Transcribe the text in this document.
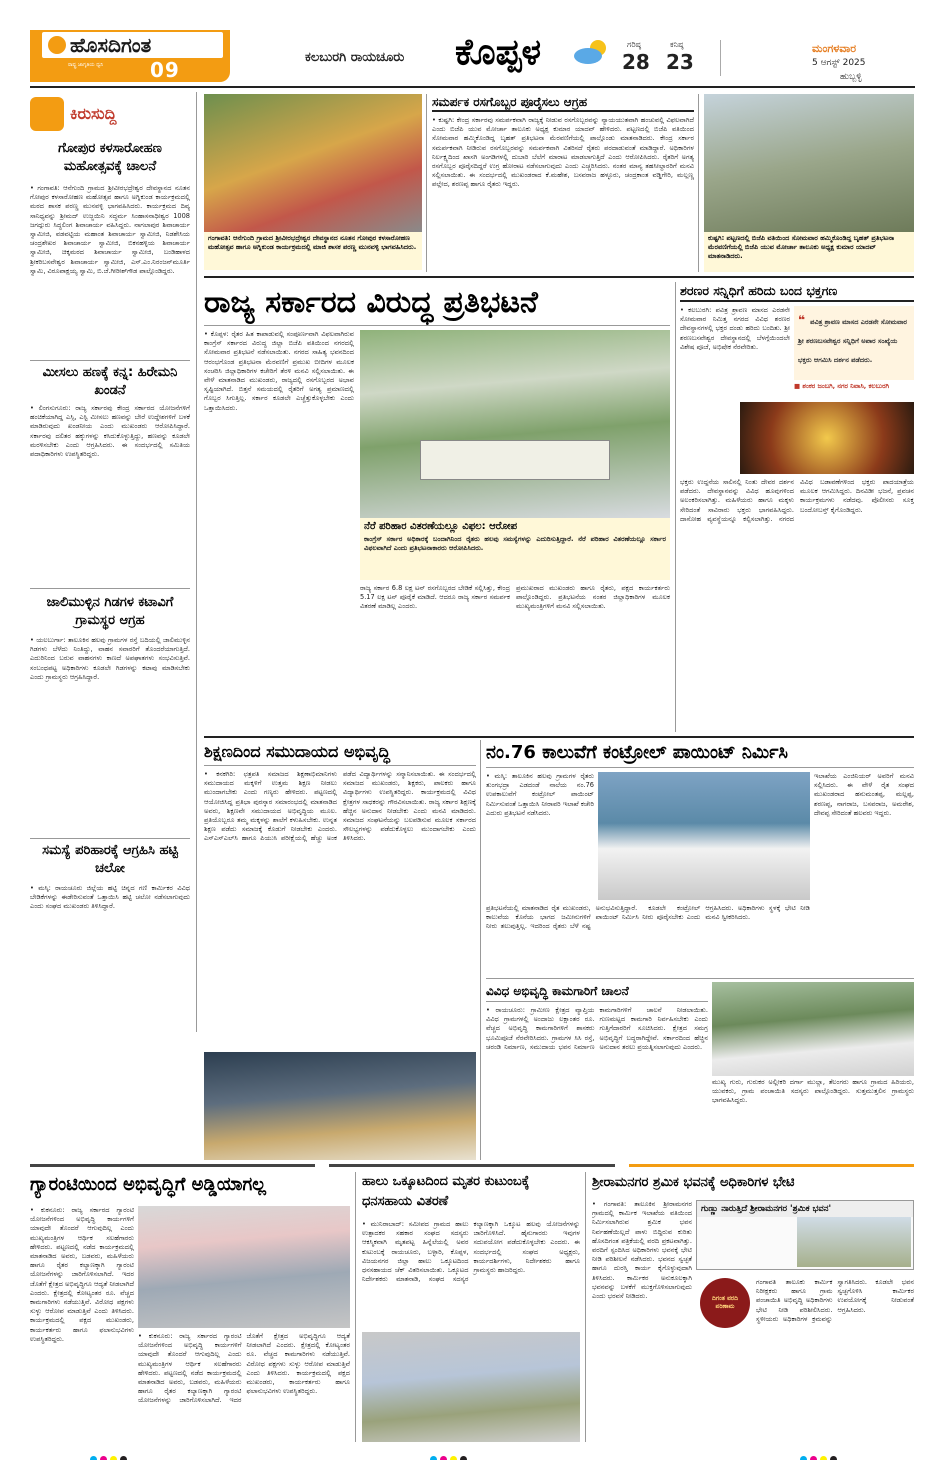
ಹೊಸದಿಗಂತ
ರಾಷ್ಟ್ರ ಜಾಗೃತಿಯ ಧ್ವನಿ 09
ಕಲಬುರಗಿ ರಾಯಚೂರು ಕೊಪ್ಪಳ	ಗರಿಷ್ಠ
28
ಕನಿಷ್ಠ
23
ಮಂಗಳವಾರ
5 ಆಗಸ್ಟ್ 2025
ಹುಬ್ಬಳ್ಳಿ
ಕಿರುಸುದ್ದಿ
ಗೋಪುರ ಕಳಸಾರೋಹಣ ಮಹೋತ್ಸವಕ್ಕೆ ಚಾಲನೆ
• ಗಂಗಾವತಿ: ಆನೆಗುಂದಿ ಗ್ರಾಮದ ಶ್ರೀವೀರಭದ್ರೇಶ್ವರ ದೇವಸ್ಥಾನದ ನೂತನ ಗೋಪುರ ಕಳಸಾರೋಹಣ ಮಹೋತ್ಸವ ಹಾಗೂ ಅಗ್ನಿಕುಂಡ ಕಾರ್ಯಕ್ರಮದಲ್ಲಿ ಮಠದ ಶಾಸಕ ಪರಣ್ಣ ಮುನವಳ್ಳಿ ಭಾಗವಹಿಸಿದರು. ಕಾರ್ಯಕ್ರಮದ ದಿವ್ಯ ಸಾನಿಧ್ಯವನ್ನು ಶ್ರೀಮದ್ ಉಜ್ಜಯಿನಿ ಸದ್ಧರ್ಮ ಸಿಂಹಾಸನಾಧೀಶ್ವರ 1008 ಜಗದ್ಗುರು ಸಿದ್ಧಲಿಂಗ ಶಿವಾಚಾರ್ಯ ವಹಿಸಿದ್ದರು. ನಾಗಲಾಪುರ ಶಿವಾಚಾರ್ಯ ಸ್ವಾಮೀಜಿ, ವಡವಟ್ಟಿಯ ಮಹಾಂತ ಶಿವಾಚಾರ್ಯ ಸ್ವಾಮೀಜಿ, ನಿಡಶೇಸಿಯ ಚಂದ್ರಶೇಖರ ಶಿವಾಚಾರ್ಯ ಸ್ವಾಮೀಜಿ, ಬಿಕನಹಳ್ಳಿಯ ಶಿವಾಚಾರ್ಯ ಸ್ವಾಮೀಜಿ, ಚಿಕ್ಕಮಠದ ಶಿವಾಚಾರ್ಯ ಸ್ವಾಮೀಜಿ, ಬಂಡಿಹಾಳದ ಶ್ರೀಕರಿಬಸವೇಶ್ವರ ಶಿವಾಚಾರ್ಯ ಸ್ವಾಮೀಜಿ, ಎಸ್.ಎಂ.ನಿರಂಜನ್‌ಮೂರ್ತಿ ಸ್ವಾಮಿ, ವಿರೂಪಾಕ್ಷಯ್ಯ ಸ್ವಾಮಿ, ಬಿ.ಜೆ.ಗೀರೀಶ್‌ಗೌಡ ಪಾಲ್ಗೊಂಡಿದ್ದರು.
ಮೀಸಲು ಹಣಕ್ಕೆ ಕನ್ನ: ಹಿರೇಮನಿ ಖಂಡನೆ
• ಲಿಂಗಸುಗೂರು: ರಾಜ್ಯ ಸರ್ಕಾರವು ಕೇಂದ್ರ ಸರ್ಕಾರದ ಯೋಜನೆಗಳಿಗೆ ಹಂಚಿಕೆಯಾಗಿದ್ದ ಎಸ್ಸಿ, ಎಸ್ಟಿ ಮೀಸಲು ಹಣವನ್ನು ಬೇರೆ ಉದ್ದೇಶಗಳಿಗೆ ಬಳಕೆ ಮಾಡಿರುವುದು ಖಂಡನೀಯ ಎಂದು ಮುಖಂಡರು ಆರೋಪಿಸಿದ್ದಾರೆ. ಸರ್ಕಾರವು ದಲಿತರ ಹಕ್ಕುಗಳನ್ನು ಕಸಿದುಕೊಳ್ಳುತ್ತಿದ್ದು, ಹಣವನ್ನು ಕೂಡಲೇ ಮರಳಿಸಬೇಕು ಎಂದು ಆಗ್ರಹಿಸಿದರು. ಈ ಸಂದರ್ಭದಲ್ಲಿ ಸಮಿತಿಯ ಪದಾಧಿಕಾರಿಗಳು ಉಪಸ್ಥಿತರಿದ್ದರು.
ಜಾಲಿಮುಳ್ಳಿನ ಗಿಡಗಳ ಕಟಾವಿಗೆ ಗ್ರಾಮಸ್ಥರ ಆಗ್ರಹ
• ಯಲಬುರ್ಗಾ: ತಾಲೂಕಿನ ಹಲವು ಗ್ರಾಮಗಳ ರಸ್ತೆ ಬದಿಯಲ್ಲಿ ಜಾಲಿಮುಳ್ಳಿನ ಗಿಡಗಳು ಬೆಳೆದು ನಿಂತಿದ್ದು, ವಾಹನ ಸವಾರರಿಗೆ ತೊಂದರೆಯಾಗುತ್ತಿದೆ. ಎದುರಿನಿಂದ ಬರುವ ವಾಹನಗಳು ಕಾಣದೆ ಅಪಘಾತಗಳು ಸಂಭವಿಸುತ್ತಿವೆ. ಸಂಬಂಧಪಟ್ಟ ಅಧಿಕಾರಿಗಳು ಕೂಡಲೇ ಗಿಡಗಳನ್ನು ಕಟಾವು ಮಾಡಿಸಬೇಕು ಎಂದು ಗ್ರಾಮಸ್ಥರು ಆಗ್ರಹಿಸಿದ್ದಾರೆ.
ಸಮಸ್ಯೆ ಪರಿಹಾರಕ್ಕೆ ಆಗ್ರಹಿಸಿ ಹಟ್ಟಿ ಚಲೋ
• ಮಸ್ಕಿ: ರಾಯಚೂರು ಜಿಲ್ಲೆಯ ಹಟ್ಟಿ ಚಿನ್ನದ ಗಣಿ ಕಾರ್ಮಿಕರ ವಿವಿಧ ಬೇಡಿಕೆಗಳನ್ನು ಈಡೇರಿಸುವಂತೆ ಒತ್ತಾಯಿಸಿ ಹಟ್ಟಿ ಚಲೋ ನಡೆಸಲಾಗುವುದು ಎಂದು ಸಂಘದ ಮುಖಂಡರು ತಿಳಿಸಿದ್ದಾರೆ.
ಗಂಗಾವತಿ: ಆನೆಗುಂದಿ ಗ್ರಾಮದ ಶ್ರೀವೀರಭದ್ರೇಶ್ವರ ದೇವಸ್ಥಾನದ ನೂತನ ಗೋಪುರ ಕಳಸಾರೋಹಣ ಮಹೋತ್ಸವ ಹಾಗೂ ಅಗ್ನಿಕುಂಡ ಕಾರ್ಯಕ್ರಮದಲ್ಲಿ ಮಾಜಿ ಶಾಸಕ ಪರಣ್ಣ ಮುನವಳ್ಳಿ ಭಾಗವಹಿಸಿದರು.
ಸಮರ್ಪಕ ರಸಗೊಬ್ಬರ ಪೂರೈಸಲು ಆಗ್ರಹ
• ಕುಷ್ಟಗಿ: ಕೇಂದ್ರ ಸರ್ಕಾರವು ಸಮರ್ಪಕವಾಗಿ ರಾಜ್ಯಕ್ಕೆ ನೀಡುವ ರಸಗೊಬ್ಬರವನ್ನು ನ್ಯಾಯಯುತವಾಗಿ ಹಂಚುವಲ್ಲಿ ವಿಫಲವಾಗಿದೆ ಎಂದು ಬಿಜೆಪಿ ಯುವ ಮೋರ್ಚಾ ತಾಲೂಕು ಅಧ್ಯಕ್ಷ ಕುಮಾರ ಯಾದವ್ ಹೇಳಿದರು. ಪಟ್ಟಣದಲ್ಲಿ ಬಿಜೆಪಿ ವತಿಯಿಂದ ಸೋಮವಾರ ಹಮ್ಮಿಕೊಂಡಿದ್ದ ಬೃಹತ್ ಪ್ರತಿಭಟನಾ ಮೆರವಣಿಗೆಯಲ್ಲಿ ಪಾಲ್ಗೊಂಡು ಮಾತನಾಡಿದರು. ಕೇಂದ್ರ ಸರ್ಕಾರ ಸಮರ್ಪಕವಾಗಿ ನೀಡಿರುವ ರಸಗೊಬ್ಬರವನ್ನು ಸಮರ್ಪಕವಾಗಿ ವಿತರಿಸದೆ ರೈತರು ಪರದಾಡುವಂತೆ ಮಾಡಿದ್ದಾರೆ. ಅಧಿಕಾರಿಗಳ ನಿರ್ಲಕ್ಷ್ಯದಿಂದ ಖಾಸಗಿ ಅಂಗಡಿಗಳಲ್ಲಿ ದುಬಾರಿ ಬೆಲೆಗೆ ಮಾರಾಟ ಮಾಡಲಾಗುತ್ತಿದೆ ಎಂದು ಆರೋಪಿಸಿದರು. ರೈತರಿಗೆ ಅಗತ್ಯ ರಸಗೊಬ್ಬರ ಪೂರೈಸದಿದ್ದರೆ ಉಗ್ರ ಹೋರಾಟ ನಡೆಸಲಾಗುವುದು ಎಂದು ಎಚ್ಚರಿಸಿದರು. ನಂತರ ಮಾನ್ಯ ತಹಸೀಲ್ದಾರರಿಗೆ ಮನವಿ ಸಲ್ಲಿಸಲಾಯಿತು. ಈ ಸಂದರ್ಭದಲ್ಲಿ ಮುಖಂಡರಾದ ಕೆ.ಮಹೇಶ, ಬಸವರಾಜ ಹಳ್ಳೂರು, ಚಂದ್ರಕಾಂತ ವಡ್ಡಿಗೇರಿ, ಮಲ್ಲಣ್ಣ ಪಲ್ಲೇದ, ಶರಣಪ್ಪ ಹಾಗೂ ರೈತರು ಇದ್ದರು.
ಕುಷ್ಟಗಿ: ಪಟ್ಟಣದಲ್ಲಿ ಬಿಜೆಪಿ ವತಿಯಿಂದ ಸೋಮವಾರ ಹಮ್ಮಿಕೊಂಡಿದ್ದ ಬೃಹತ್ ಪ್ರತಿಭಟನಾ ಮೆರವಣಿಗೆಯಲ್ಲಿ ಬಿಜೆಪಿ ಯುವ ಮೋರ್ಚಾ ತಾಲೂಕು ಅಧ್ಯಕ್ಷ ಕುಮಾರ ಯಾದವ್ ಮಾತನಾಡಿದರು.
ರಾಜ್ಯ ಸರ್ಕಾರದ ವಿರುದ್ಧ ಪ್ರತಿಭಟನೆ
• ಕೊಪ್ಪಳ: ರೈತರ ಹಿತ ಕಾಪಾಡುವಲ್ಲಿ ಸಂಪೂರ್ಣವಾಗಿ ವಿಫಲವಾಗಿರುವ ಕಾಂಗ್ರೆಸ್ ಸರ್ಕಾರದ ವಿರುದ್ಧ ಜಿಲ್ಲಾ ಬಿಜೆಪಿ ವತಿಯಿಂದ ನಗರದಲ್ಲಿ ಸೋಮವಾರ ಪ್ರತಿಭಟನೆ ನಡೆಸಲಾಯಿತು. ನಗರದ ಸಾಹಿತ್ಯ ಭವನದಿಂದ ಆರಂಭಗೊಂಡ ಪ್ರತಿಭಟನಾ ಮೆರವಣಿಗೆ ಪ್ರಮುಖ ಬೀದಿಗಳ ಮೂಲಕ ಸಂಚರಿಸಿ ಜಿಲ್ಲಾಧಿಕಾರಿಗಳ ಕಚೇರಿಗೆ ತೆರಳಿ ಮನವಿ ಸಲ್ಲಿಸಲಾಯಿತು. ಈ ವೇಳೆ ಮಾತನಾಡಿದ ಮುಖಂಡರು, ರಾಜ್ಯದಲ್ಲಿ ರಸಗೊಬ್ಬರದ ಅಭಾವ ಸೃಷ್ಟಿಯಾಗಿದೆ. ಬಿತ್ತನೆ ಸಮಯದಲ್ಲಿ ರೈತರಿಗೆ ಅಗತ್ಯ ಪ್ರಮಾಣದಲ್ಲಿ ಗೊಬ್ಬರ ಸಿಗುತ್ತಿಲ್ಲ. ಸರ್ಕಾರ ಕೂಡಲೇ ಎಚ್ಚೆತ್ತುಕೊಳ್ಳಬೇಕು ಎಂದು ಒತ್ತಾಯಿಸಿದರು.
ನೆರೆ ಪರಿಹಾರ ವಿತರಣೆಯಲ್ಲೂ ವಿಫಲ: ಆರೋಪ
ಕಾಂಗ್ರೆಸ್ ಸರ್ಕಾರ ಅಧಿಕಾರಕ್ಕೆ ಬಂದಾಗಿನಿಂದ ರೈತರು ಹಲವು ಸಮಸ್ಯೆಗಳನ್ನು ಎದುರಿಸುತ್ತಿದ್ದಾರೆ. ನೆರೆ ಪರಿಹಾರ ವಿತರಣೆಯಲ್ಲೂ ಸರ್ಕಾರ ವಿಫಲವಾಗಿದೆ ಎಂದು ಪ್ರತಿಭಟನಾಕಾರರು ಆರೋಪಿಸಿದರು.
ರಾಜ್ಯ ಸರ್ಕಾರ 6.8 ಲಕ್ಷ ಟನ್ ರಸಗೊಬ್ಬರದ ಬೇಡಿಕೆ ಸಲ್ಲಿಸಿತ್ತು, ಕೇಂದ್ರ 5.17 ಲಕ್ಷ ಟನ್ ಪೂರೈಕೆ ಮಾಡಿದೆ. ಆದರೂ ರಾಜ್ಯ ಸರ್ಕಾರ ಸಮರ್ಪಕ ವಿತರಣೆ ಮಾಡಿಲ್ಲ ಎಂದರು.
ಪ್ರಮುಖರಾದ ಮುಖಂಡರು ಹಾಗೂ ರೈತರು, ಪಕ್ಷದ ಕಾರ್ಯಕರ್ತರು ಪಾಲ್ಗೊಂಡಿದ್ದರು. ಪ್ರತಿಭಟನೆಯ ನಂತರ ಜಿಲ್ಲಾಧಿಕಾರಿಗಳ ಮೂಲಕ ಮುಖ್ಯಮಂತ್ರಿಗಳಿಗೆ ಮನವಿ ಸಲ್ಲಿಸಲಾಯಿತು.
ಶರಣರ ಸನ್ನಿಧಿಗೆ ಹರಿದು ಬಂದ ಭಕ್ತಗಣ
• ಕಲಬುರಗಿ: ಪವಿತ್ರ ಶ್ರಾವಣ ಮಾಸದ ಎರಡನೇ ಸೋಮವಾರ ನಿಮಿತ್ತ ನಗರದ ವಿವಿಧ ಶರಣರ ದೇವಸ್ಥಾನಗಳಲ್ಲಿ ಭಕ್ತರ ದಂಡು ಹರಿದು ಬಂದಿತು. ಶ್ರೀ ಶರಣಬಸವೇಶ್ವರ ದೇವಸ್ಥಾನದಲ್ಲಿ ಬೆಳಗ್ಗೆಯಿಂದಲೇ ವಿಶೇಷ ಪೂಜೆ, ಅಭಿಷೇಕ ನೆರವೇರಿತು.
❝ ಪವಿತ್ರ ಶ್ರಾವಣ ಮಾಸದ ಎರಡನೇ ಸೋಮವಾರ ಶ್ರೀ ಶರಣಬಸವೇಶ್ವರ ಸನ್ನಿಧಿಗೆ ಅಪಾರ ಸಂಖ್ಯೆಯ ಭಕ್ತರು ಆಗಮಿಸಿ ದರ್ಶನ ಪಡೆದರು.
■ ಶಂಕರ ಜಂಬಗಿ, ನಗರ ನಿವಾಸಿ, ಕಲಬುರಗಿ
ಭಕ್ತರು ಉದ್ದನೆಯ ಸಾಲಿನಲ್ಲಿ ನಿಂತು ದೇವರ ದರ್ಶನ ಪಡೆದರು. ದೇವಸ್ಥಾನವನ್ನು ವಿವಿಧ ಹೂವುಗಳಿಂದ ಅಲಂಕರಿಸಲಾಗಿತ್ತು. ಮಹಿಳೆಯರು ಹಾಗೂ ಮಕ್ಕಳು ಸೇರಿದಂತೆ ಸಾವಿರಾರು ಭಕ್ತರು ಭಾಗವಹಿಸಿದ್ದರು. ದಾಸೋಹ ವ್ಯವಸ್ಥೆಯನ್ನೂ ಕಲ್ಪಿಸಲಾಗಿತ್ತು. ನಗರದ ವಿವಿಧ ಬಡಾವಣೆಗಳಿಂದ ಭಕ್ತರು ಪಾದಯಾತ್ರೆಯ ಮೂಲಕ ಆಗಮಿಸಿದ್ದರು. ದಿನವಿಡೀ ಭಜನೆ, ಪ್ರವಚನ ಕಾರ್ಯಕ್ರಮಗಳು ನಡೆದವು. ಪೊಲೀಸರು ಸೂಕ್ತ ಬಂದೋಬಸ್ತ್ ಕೈಗೊಂಡಿದ್ದರು.
ಶಿಕ್ಷಣದಿಂದ ಸಮುದಾಯದ ಅಭಿವೃದ್ಧಿ
• ಕನಕಗಿರಿ: ಛತ್ರಪತಿ ಸಮಾಜದ ಶಿಕ್ಷಣಾಭಿಮಾನಿಗಳು ಸಮುದಾಯದ ಮಕ್ಕಳಿಗೆ ಉತ್ತಮ ಶಿಕ್ಷಣ ನೀಡಲು ಮುಂದಾಗಬೇಕು ಎಂದು ಗಣ್ಯರು ಹೇಳಿದರು. ಪಟ್ಟಣದಲ್ಲಿ ಆಯೋಜಿಸಿದ್ದ ಪ್ರತಿಭಾ ಪುರಸ್ಕಾರ ಸಮಾರಂಭದಲ್ಲಿ ಮಾತನಾಡಿದ ಅವರು, ಶಿಕ್ಷಣವೇ ಸಮುದಾಯದ ಅಭಿವೃದ್ಧಿಯ ಮೂಲ. ಪ್ರತಿಯೊಬ್ಬರೂ ತಮ್ಮ ಮಕ್ಕಳನ್ನು ಶಾಲೆಗೆ ಕಳುಹಿಸಬೇಕು. ಉನ್ನತ ಶಿಕ್ಷಣ ಪಡೆದು ಸಮಾಜಕ್ಕೆ ಕೊಡುಗೆ ನೀಡಬೇಕು ಎಂದರು. ಎಸ್ಎಸ್ಎಲ್‌ಸಿ ಹಾಗೂ ಪಿಯುಸಿ ಪರೀಕ್ಷೆಯಲ್ಲಿ ಹೆಚ್ಚು ಅಂಕ ಪಡೆದ ವಿದ್ಯಾರ್ಥಿಗಳನ್ನು ಸನ್ಮಾನಿಸಲಾಯಿತು. ಈ ಸಂದರ್ಭದಲ್ಲಿ ಸಮಾಜದ ಮುಖಂಡರು, ಶಿಕ್ಷಕರು, ಪಾಲಕರು ಹಾಗೂ ವಿದ್ಯಾರ್ಥಿಗಳು ಉಪಸ್ಥಿತರಿದ್ದರು. ಕಾರ್ಯಕ್ರಮದಲ್ಲಿ ವಿವಿಧ ಕ್ಷೇತ್ರಗಳ ಸಾಧಕರನ್ನು ಗೌರವಿಸಲಾಯಿತು. ರಾಜ್ಯ ಸರ್ಕಾರ ಶಿಕ್ಷಣಕ್ಕೆ ಹೆಚ್ಚಿನ ಅನುದಾನ ನೀಡಬೇಕು ಎಂದು ಮನವಿ ಮಾಡಿದರು. ಸಮಾಜದ ಸಂಘಟನೆಯನ್ನು ಬಲಪಡಿಸುವ ಮೂಲಕ ಸರ್ಕಾರದ ಸೌಲಭ್ಯಗಳನ್ನು ಪಡೆದುಕೊಳ್ಳಲು ಮುಂದಾಗಬೇಕು ಎಂದು ತಿಳಿಸಿದರು.
ನಂ.76 ಕಾಲುವೆಗೆ ಕಂಟ್ರೋಲ್ ಪಾಯಿಂಟ್ ನಿರ್ಮಿಸಿ
• ಮಸ್ಕಿ: ತಾಲೂಕಿನ ಹಲವು ಗ್ರಾಮಗಳ ರೈತರು ತುಂಗಭದ್ರಾ ಎಡದಂಡೆ ನಾಲೆಯ ನಂ.76 ಉಪಕಾಲುವೆಗೆ ಕಂಟ್ರೋಲ್ ಪಾಯಿಂಟ್ ನಿರ್ಮಿಸುವಂತೆ ಒತ್ತಾಯಿಸಿ ನೀರಾವರಿ ಇಲಾಖೆ ಕಚೇರಿ ಎದುರು ಪ್ರತಿಭಟನೆ ನಡೆಸಿದರು.
ಪ್ರತಿಭಟನೆಯಲ್ಲಿ ಮಾತನಾಡಿದ ರೈತ ಮುಖಂಡರು, ಕಾಲುವೆಯ ಕೊನೆಯ ಭಾಗದ ಜಮೀನುಗಳಿಗೆ ನೀರು ತಲುಪುತ್ತಿಲ್ಲ. ಇದರಿಂದ ರೈತರು ಬೆಳೆ ನಷ್ಟ ಅನುಭವಿಸುತ್ತಿದ್ದಾರೆ. ಕೂಡಲೇ ಕಂಟ್ರೋಲ್ ಪಾಯಿಂಟ್ ನಿರ್ಮಿಸಿ ನೀರು ಪೂರೈಸಬೇಕು ಎಂದು ಆಗ್ರಹಿಸಿದರು. ಅಧಿಕಾರಿಗಳು ಸ್ಥಳಕ್ಕೆ ಭೇಟಿ ನೀಡಿ ಮನವಿ ಸ್ವೀಕರಿಸಿದರು.
ಇಲಾಖೆಯ ಎಂಜಿನಿಯರ್ ಅವರಿಗೆ ಮನವಿ ಸಲ್ಲಿಸಿದರು. ಈ ವೇಳೆ ರೈತ ಸಂಘದ ಮುಖಂಡರಾದ ಹನುಮಂತಪ್ಪ, ಮಲ್ಲಪ್ಪ, ಶರಣಪ್ಪ, ನಾಗರಾಜ, ಬಸವರಾಜ, ಅಮರೇಶ, ದೇವಪ್ಪ ಸೇರಿದಂತೆ ಹಲವರು ಇದ್ದರು.
ವಿವಿಧ ಅಭಿವೃದ್ಧಿ ಕಾಮಗಾರಿಗೆ ಚಾಲನೆ
• ರಾಯಚೂರು: ಗ್ರಾಮೀಣ ಕ್ಷೇತ್ರದ ವ್ಯಾಪ್ತಿಯ ವಿವಿಧ ಗ್ರಾಮಗಳಲ್ಲಿ ಅಂದಾಜು ಲಕ್ಷಾಂತರ ರೂ. ವೆಚ್ಚದ ಅಭಿವೃದ್ಧಿ ಕಾಮಗಾರಿಗಳಿಗೆ ಶಾಸಕರು ಭೂಮಿಪೂಜೆ ನೆರವೇರಿಸಿದರು. ಗ್ರಾಮಗಳ ಸಿಸಿ ರಸ್ತೆ, ಚರಂಡಿ ನಿರ್ಮಾಣ, ಸಮುದಾಯ ಭವನ ನಿರ್ಮಾಣ ಕಾಮಗಾರಿಗಳಿಗೆ ಚಾಲನೆ ನೀಡಲಾಯಿತು. ಗುಣಮಟ್ಟದ ಕಾಮಗಾರಿ ನಿರ್ವಹಿಸಬೇಕು ಎಂದು ಗುತ್ತಿಗೆದಾರರಿಗೆ ಸೂಚಿಸಿದರು. ಕ್ಷೇತ್ರದ ಸಮಗ್ರ ಅಭಿವೃದ್ಧಿಗೆ ಬದ್ಧರಾಗಿದ್ದೇವೆ. ಸರ್ಕಾರದಿಂದ ಹೆಚ್ಚಿನ ಅನುದಾನ ತರಲು ಪ್ರಯತ್ನಿಸಲಾಗುವುದು ಎಂದರು.
ಮುಖ್ಯ ಗುರು, ಗುರುಕರ ಅಲ್ಲೀಕರಿ ದರ್ಗಾ ಮುಲ್ಲಾ, ತೆಲಂಗರು ಹಾಗೂ ಗ್ರಾಮದ ಹಿರಿಯರು, ಯುವಕರು, ಗ್ರಾಮ ಪಂಚಾಯಿತಿ ಸದಸ್ಯರು ಪಾಲ್ಗೊಂಡಿದ್ದರು. ಸುತ್ತಮುತ್ತಲಿನ ಗ್ರಾಮಸ್ಥರು ಭಾಗವಹಿಸಿದ್ದರು.
ಗ್ಯಾರಂಟಿಯಿಂದ ಅಭಿವೃದ್ಧಿಗೆ ಅಡ್ಡಿಯಾಗಲ್ಲ
• ಕುಕನೂರು: ರಾಜ್ಯ ಸರ್ಕಾರದ ಗ್ಯಾರಂಟಿ ಯೋಜನೆಗಳಿಂದ ಅಭಿವೃದ್ಧಿ ಕಾರ್ಯಗಳಿಗೆ ಯಾವುದೇ ತೊಂದರೆ ಆಗುವುದಿಲ್ಲ ಎಂದು ಮುಖ್ಯಮಂತ್ರಿಗಳ ಆರ್ಥಿಕ ಸಲಹೆಗಾರರು ಹೇಳಿದರು. ಪಟ್ಟಣದಲ್ಲಿ ನಡೆದ ಕಾರ್ಯಕ್ರಮದಲ್ಲಿ ಮಾತನಾಡಿದ ಅವರು, ಬಡವರು, ಮಹಿಳೆಯರು ಹಾಗೂ ರೈತರ ಕಲ್ಯಾಣಕ್ಕಾಗಿ ಗ್ಯಾರಂಟಿ ಯೋಜನೆಗಳನ್ನು ಜಾರಿಗೊಳಿಸಲಾಗಿದೆ. ಇದರ ಜೊತೆಗೆ ಕ್ಷೇತ್ರದ ಅಭಿವೃದ್ಧಿಗೂ ಆದ್ಯತೆ ನೀಡಲಾಗಿದೆ ಎಂದರು. ಕ್ಷೇತ್ರದಲ್ಲಿ ಕೋಟ್ಯಂತರ ರೂ. ವೆಚ್ಚದ ಕಾಮಗಾರಿಗಳು ನಡೆಯುತ್ತಿವೆ. ವಿರೋಧ ಪಕ್ಷಗಳು ಸುಳ್ಳು ಆರೋಪ ಮಾಡುತ್ತಿವೆ ಎಂದು ತಿಳಿಸಿದರು. ಕಾರ್ಯಕ್ರಮದಲ್ಲಿ ಪಕ್ಷದ ಮುಖಂಡರು, ಕಾರ್ಯಕರ್ತರು ಹಾಗೂ ಫಲಾನುಭವಿಗಳು ಉಪಸ್ಥಿತರಿದ್ದರು.	• ಕುಕನೂರು: ರಾಜ್ಯ ಸರ್ಕಾರದ ಗ್ಯಾರಂಟಿ ಯೋಜನೆಗಳಿಂದ ಅಭಿವೃದ್ಧಿ ಕಾರ್ಯಗಳಿಗೆ ಯಾವುದೇ ತೊಂದರೆ ಆಗುವುದಿಲ್ಲ ಎಂದು ಮುಖ್ಯಮಂತ್ರಿಗಳ ಆರ್ಥಿಕ ಸಲಹೆಗಾರರು ಹೇಳಿದರು. ಪಟ್ಟಣದಲ್ಲಿ ನಡೆದ ಕಾರ್ಯಕ್ರಮದಲ್ಲಿ ಮಾತನಾಡಿದ ಅವರು, ಬಡವರು, ಮಹಿಳೆಯರು ಹಾಗೂ ರೈತರ ಕಲ್ಯಾಣಕ್ಕಾಗಿ ಗ್ಯಾರಂಟಿ ಯೋಜನೆಗಳನ್ನು ಜಾರಿಗೊಳಿಸಲಾಗಿದೆ. ಇದರ ಜೊತೆಗೆ ಕ್ಷೇತ್ರದ ಅಭಿವೃದ್ಧಿಗೂ ಆದ್ಯತೆ ನೀಡಲಾಗಿದೆ ಎಂದರು. ಕ್ಷೇತ್ರದಲ್ಲಿ ಕೋಟ್ಯಂತರ ರೂ. ವೆಚ್ಚದ ಕಾಮಗಾರಿಗಳು ನಡೆಯುತ್ತಿವೆ. ವಿರೋಧ ಪಕ್ಷಗಳು ಸುಳ್ಳು ಆರೋಪ ಮಾಡುತ್ತಿವೆ ಎಂದು ತಿಳಿಸಿದರು. ಕಾರ್ಯಕ್ರಮದಲ್ಲಿ ಪಕ್ಷದ ಮುಖಂಡರು, ಕಾರ್ಯಕರ್ತರು ಹಾಗೂ ಫಲಾನುಭವಿಗಳು ಉಪಸ್ಥಿತರಿದ್ದರು.
ಹಾಲು ಒಕ್ಕೂಟದಿಂದ ಮೃತರ ಕುಟುಂಬಕ್ಕೆ ಧನಸಹಾಯ ವಿತರಣೆ
• ಮುನಿರಾಬಾದ್: ಸಮೀಪದ ಗ್ರಾಮದ ಹಾಲು ಉತ್ಪಾದಕರ ಸಹಕಾರ ಸಂಘದ ಸದಸ್ಯರು ಆಕಸ್ಮಿಕವಾಗಿ ಮೃತಪಟ್ಟ ಹಿನ್ನೆಲೆಯಲ್ಲಿ ಅವರ ಕುಟುಂಬಕ್ಕೆ ರಾಯಚೂರು, ಬಳ್ಳಾರಿ, ಕೊಪ್ಪಳ, ವಿಜಯನಗರ ಜಿಲ್ಲಾ ಹಾಲು ಒಕ್ಕೂಟದಿಂದ ಧನಸಹಾಯದ ಚೆಕ್ ವಿತರಿಸಲಾಯಿತು. ಒಕ್ಕೂಟದ ನಿರ್ದೇಶಕರು ಮಾತನಾಡಿ, ಸಂಘದ ಸದಸ್ಯರ ಕಲ್ಯಾಣಕ್ಕಾಗಿ ಒಕ್ಕೂಟ ಹಲವು ಯೋಜನೆಗಳನ್ನು ಜಾರಿಗೊಳಿಸಿದೆ. ಹೈನುಗಾರರು ಇವುಗಳ ಸದುಪಯೋಗ ಪಡೆದುಕೊಳ್ಳಬೇಕು ಎಂದರು. ಈ ಸಂದರ್ಭದಲ್ಲಿ ಸಂಘದ ಅಧ್ಯಕ್ಷರು, ಕಾರ್ಯದರ್ಶಿಗಳು, ನಿರ್ದೇಶಕರು ಹಾಗೂ ಗ್ರಾಮಸ್ಥರು ಹಾಜರಿದ್ದರು.
ಶ್ರೀರಾಮನಗರ ಶ್ರಮಿಕ ಭವನಕ್ಕೆ ಅಧಿಕಾರಿಗಳ ಭೇಟಿ
• ಗಂಗಾವತಿ: ತಾಲೂಕಿನ ಶ್ರೀರಾಮನಗರ ಗ್ರಾಮದಲ್ಲಿ ಕಾರ್ಮಿಕ ಇಲಾಖೆಯ ವತಿಯಿಂದ ನಿರ್ಮಿಸಲಾಗಿರುವ ಶ್ರಮಿಕ ಭವನ ನಿರ್ವಹಣೆಯಿಲ್ಲದೆ ಪಾಳು ಬಿದ್ದಿರುವ ಕುರಿತು ಹೊಸದಿಗಂತ ಪತ್ರಿಕೆಯಲ್ಲಿ ವರದಿ ಪ್ರಕಟವಾಗಿತ್ತು. ವರದಿಗೆ ಸ್ಪಂದಿಸಿದ ಅಧಿಕಾರಿಗಳು ಭವನಕ್ಕೆ ಭೇಟಿ ನೀಡಿ ಪರಿಶೀಲನೆ ನಡೆಸಿದರು. ಭವನದ ಸ್ವಚ್ಛತೆ ಹಾಗೂ ದುರಸ್ತಿ ಕಾರ್ಯ ಕೈಗೊಳ್ಳುವುದಾಗಿ ತಿಳಿಸಿದರು. ಕಾರ್ಮಿಕರ ಅನುಕೂಲಕ್ಕಾಗಿ ಭವನವನ್ನು ಬಳಕೆಗೆ ಮುಕ್ತಗೊಳಿಸಲಾಗುವುದು ಎಂದು ಭರವಸೆ ನೀಡಿದರು.
ಗುಣ್ಣು ನಾರುತ್ತಿದೆ ಶ್ರೀರಾಮನಗರ 'ಶ್ರಮಿಕ ಭವನ'
ದಿಗಂತ ವರದಿ ಪರಿಣಾಮ
ಗಂಗಾವತಿ ತಾಲೂಕು ಕಾರ್ಮಿಕ ನಿರೀಕ್ಷಕರು ಹಾಗೂ ಗ್ರಾಮ ಪಂಚಾಯಿತಿ ಅಭಿವೃದ್ಧಿ ಅಧಿಕಾರಿಗಳು ಭೇಟಿ ನೀಡಿ ಪರಿಶೀಲಿಸಿದರು. ಸ್ಥಳೀಯರು ಅಧಿಕಾರಿಗಳ ಕ್ರಮವನ್ನು ಸ್ವಾಗತಿಸಿದರು. ಕೂಡಲೇ ಭವನ ಸ್ವಚ್ಛಗೊಳಿಸಿ ಕಾರ್ಮಿಕರ ಉಪಯೋಗಕ್ಕೆ ನೀಡುವಂತೆ ಆಗ್ರಹಿಸಿದರು.
